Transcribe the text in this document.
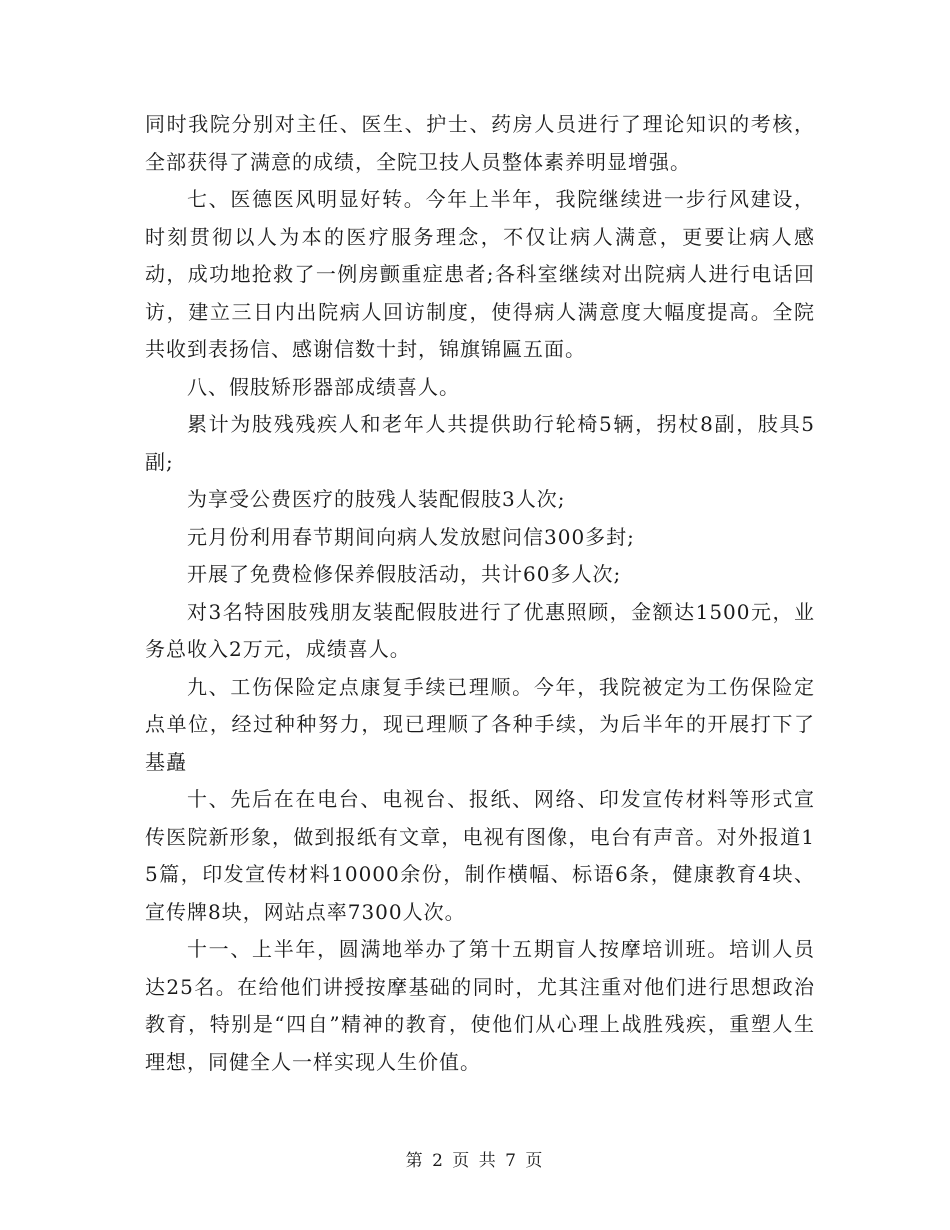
同时我院分别对主任、医生、护士、药房人员进行了理论知识的考核，全部获得了满意的成绩，全院卫技人员整体素养明显增强。

七、医德医风明显好转。今年上半年，我院继续进一步行风建设，时刻贯彻以人为本的医疗服务理念，不仅让病人满意，更要让病人感动，成功地抢救了一例房颤重症患者;各科室继续对出院病人进行电话回访，建立三日内出院病人回访制度，使得病人满意度大幅度提高。全院共收到表扬信、感谢信数十封，锦旗锦匾五面。

八、假肢矫形器部成绩喜人。

累计为肢残残疾人和老年人共提供助行轮椅5辆，拐杖8副，肢具5副;

为享受公费医疗的肢残人装配假肢3人次;

元月份利用春节期间向病人发放慰问信300多封;

开展了免费检修保养假肢活动，共计60多人次;

对3名特困肢残朋友装配假肢进行了优惠照顾，金额达1500元，业务总收入2万元，成绩喜人。

九、工伤保险定点康复手续已理顺。今年，我院被定为工伤保险定点单位，经过种种努力，现已理顺了各种手续，为后半年的开展打下了基矗

十、先后在在电台、电视台、报纸、网络、印发宣传材料等形式宣传医院新形象，做到报纸有文章，电视有图像，电台有声音。对外报道15篇，印发宣传材料10000余份，制作横幅、标语6条，健康教育4块、宣传牌8块，网站点率7300人次。

十一、上半年，圆满地举办了第十五期盲人按摩培训班。培训人员达25名。在给他们讲授按摩基础的同时，尤其注重对他们进行思想政治教育，特别是“四自”精神的教育，使他们从心理上战胜残疾，重塑人生理想，同健全人一样实现人生价值。

第 2 页 共 7 页
